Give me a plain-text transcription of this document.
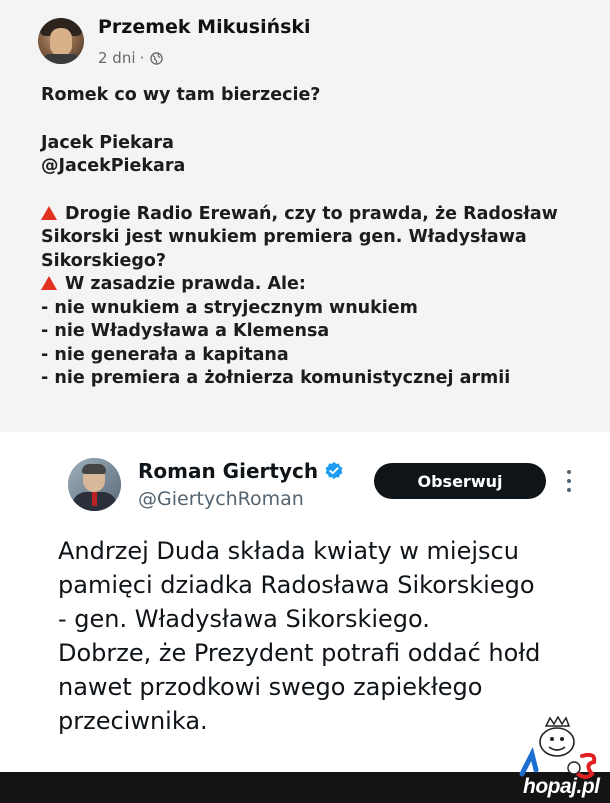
Przemek Mikusiński
2 dni ·

Romek co wy tam bierzecie?

Jacek Piekara

@JacekPiekara

Drogie Radio Erewań, czy to prawda, że Radosław

Sikorski jest wnukiem premiera gen. Władysława

Sikorskiego?

W zasadzie prawda. Ale:

- nie wnukiem a stryjecznym wnukiem

- nie Władysława a Klemensa

- nie generała a kapitana

- nie premiera a żołnierza komunistycznej armii

Roman Giertych
@GiertychRoman
Obserwuj
Andrzej Duda składa kwiaty w miejscu
pamięci dziadka Radosława Sikorskiego
- gen. Władysława Sikorskiego.
Dobrze, że Prezydent potrafi oddać hołd
nawet przodkowi swego zapiekłego
przeciwnika.
hopaj.pl
